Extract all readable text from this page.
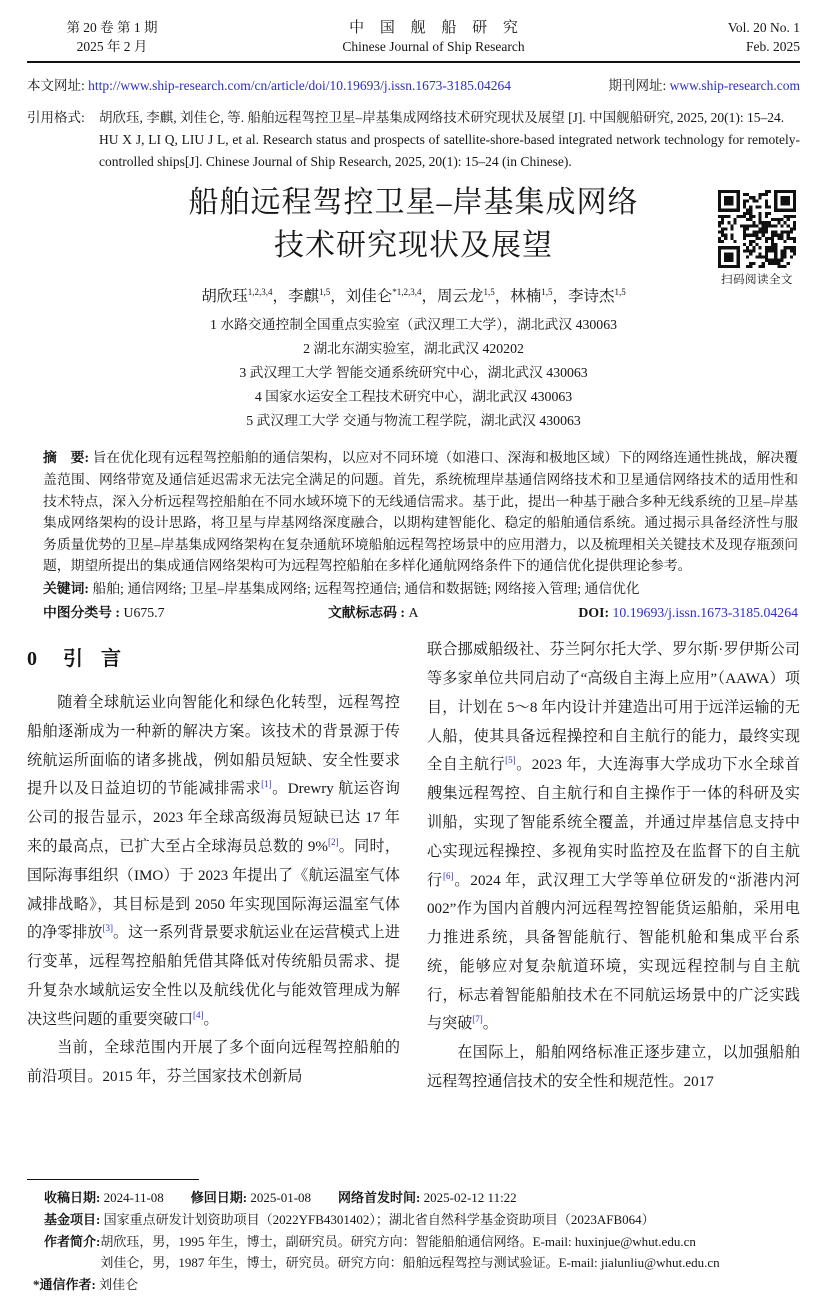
第 20 卷 第 1 期
2025 年 2 月
中国舰船研究
Chinese Journal of Ship Research
Vol. 20 No. 1
Feb. 2025
本文网址: http://www.ship-research.com/cn/article/doi/10.19693/j.issn.1673-3185.04264	期刊网址: www.ship-research.com
引用格式:	胡欣珏, 李麒, 刘佳仑, 等. 船舶远程驾控卫星–岸基集成网络技术研究现状及展望 [J]. 中国舰船研究, 2025, 20(1): 15–24.

HU X J, LI Q, LIU J L, et al. Research status and prospects of satellite-shore-based integrated network technology for remotely-controlled ships[J]. Chinese Journal of Ship Research, 2025, 20(1): 15–24 (in Chinese).

船舶远程驾控卫星–岸基集成网络
技术研究现状及展望
扫码阅读全文
胡欣珏$^{1,2,3,4}$，李麒$^{1,5}$，刘佳仑$^{*1,2,3,4}$，周云龙$^{1,5}$，林楠$^{1,5}$，李诗杰$^{1,5}$
1 水路交通控制全国重点实验室（武汉理工大学），湖北武汉 430063
2 湖北东湖实验室，湖北武汉 420202
3 武汉理工大学 智能交通系统研究中心，湖北武汉 430063
4 国家水运安全工程技术研究中心，湖北武汉 430063
5 武汉理工大学 交通与物流工程学院，湖北武汉 430063

摘　要: 旨在优化现有远程驾控船舶的通信架构，以应对不同环境（如港口、深海和极地区域）下的网络连通性挑战，解决覆盖范围、网络带宽及通信延迟需求无法完全满足的问题。首先，系统梳理岸基通信网络技术和卫星通信网络技术的适用性和技术特点，深入分析远程驾控船舶在不同水域环境下的无线通信需求。基于此，提出一种基于融合多种无线系统的卫星–岸基集成网络架构的设计思路，将卫星与岸基网络深度融合，以期构建智能化、稳定的船舶通信系统。通过揭示具备经济性与服务质量优势的卫星–岸基集成网络架构在复杂通航环境船舶远程驾控场景中的应用潜力，以及梳理相关关键技术及现存瓶颈问题，期望所提出的集成通信网络架构可为远程驾控船舶在多样化通航网络条件下的通信优化提供理论参考。

关键词: 船舶; 通信网络; 卫星–岸基集成网络; 远程驾控通信; 通信和数据链; 网络接入管理; 通信优化

中图分类号 : U675.7	文献标志码 : A	DOI: 10.19693/j.issn.1673-3185.04264
0 引言

随着全球航运业向智能化和绿色化转型，远程驾控船舶逐渐成为一种新的解决方案。该技术的背景源于传统航运所面临的诸多挑战，例如船员短缺、安全性要求提升以及日益迫切的节能减排需求[1]。Drewry 航运咨询公司的报告显示，2023 年全球高级海员短缺已达 17 年来的最高点，已扩大至占全球海员总数的 9%[2]。同时，国际海事组织（IMO）于 2023 年提出了《航运温室气体减排战略》，其目标是到 2050 年实现国际海运温室气体的净零排放[3]。这一系列背景要求航运业在运营模式上进行变革，远程驾控船舶凭借其降低对传统船员需求、提升复杂水域航运安全性以及航线优化与能效管理成为解决这些问题的重要突破口[4]。

当前，全球范围内开展了多个面向远程驾控船舶的前沿项目。2015 年，芬兰国家技术创新局

联合挪威船级社、芬兰阿尔托大学、罗尔斯·罗伊斯公司等多家单位共同启动了“高级自主海上应用”（AAWA）项目，计划在 5～8 年内设计并建造出可用于远洋运输的无人船，使其具备远程操控和自主航行的能力，最终实现全自主航行[5]。2023 年，大连海事大学成功下水全球首艘集远程驾控、自主航行和自主操作于一体的科研及实训船，实现了智能系统全覆盖，并通过岸基信息支持中心实现远程操控、多视角实时监控及在监督下的自主航行[6]。2024 年，武汉理工大学等单位研发的“浙港内河 002”作为国内首艘内河远程驾控智能货运船舶，采用电力推进系统，具备智能航行、智能机舱和集成平台系统，能够应对复杂航道环境，实现远程控制与自主航行，标志着智能船舶技术在不同航运场景中的广泛实践与突破[7]。

在国际上，船舶网络标准正逐步建立，以加强船舶远程驾控通信技术的安全性和规范性。2017

收稿日期: 2024-11-08 修回日期: 2025-01-08 网络首发时间: 2025-02-12 11:22
基金项目: 国家重点研发计划资助项目（2022YFB4301402）；湖北省自然科学基金资助项目（2023AFB064）
作者简介: 胡欣珏，男，1995 年生，博士，副研究员。研究方向：智能船舶通信网络。E-mail: huxinjue@whut.edu.cn
刘佳仑，男，1987 年生，博士，研究员。研究方向：船舶远程驾控与测试验证。E-mail: jialunliu@whut.edu.cn
*通信作者: 刘佳仑
